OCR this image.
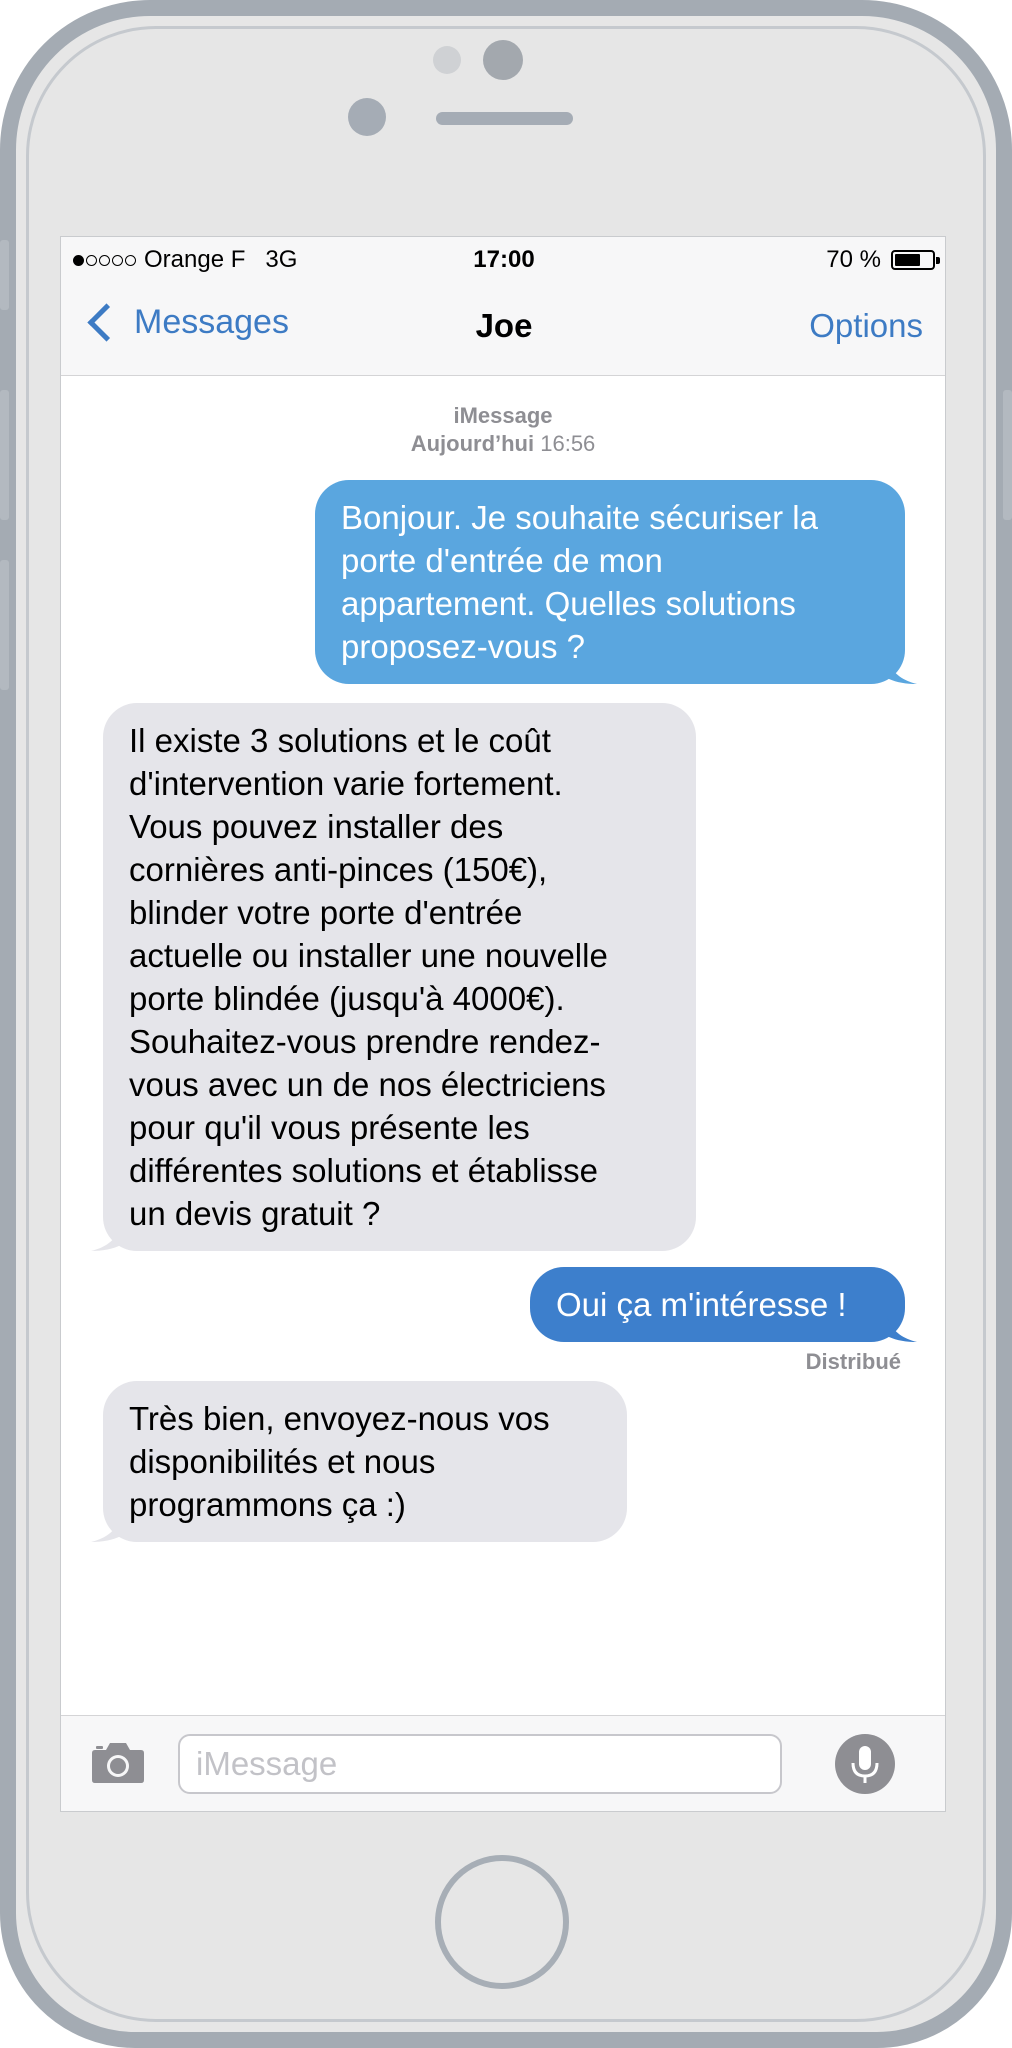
Orange F 3G	17:00	70 %
Messages	Joe	Options
iMessage
Aujourd’hui 16:56
Bonjour. Je souhaite sécuriser la
porte d'entrée de mon
appartement. Quelles solutions
proposez-vous ?
Il existe 3 solutions et le coût
d'intervention varie fortement.
Vous pouvez installer des
cornières anti-pinces (150€),
blinder votre porte d'entrée
actuelle ou installer une nouvelle
porte blindée (jusqu'à 4000€).
Souhaitez-vous prendre rendez-
vous avec un de nos électriciens
pour qu'il vous présente les
différentes solutions et établisse
un devis gratuit ?
Oui ça m'intéresse !
Distribué
Très bien, envoyez-nous vos
disponibilités et nous
programmons ça :)
iMessage
